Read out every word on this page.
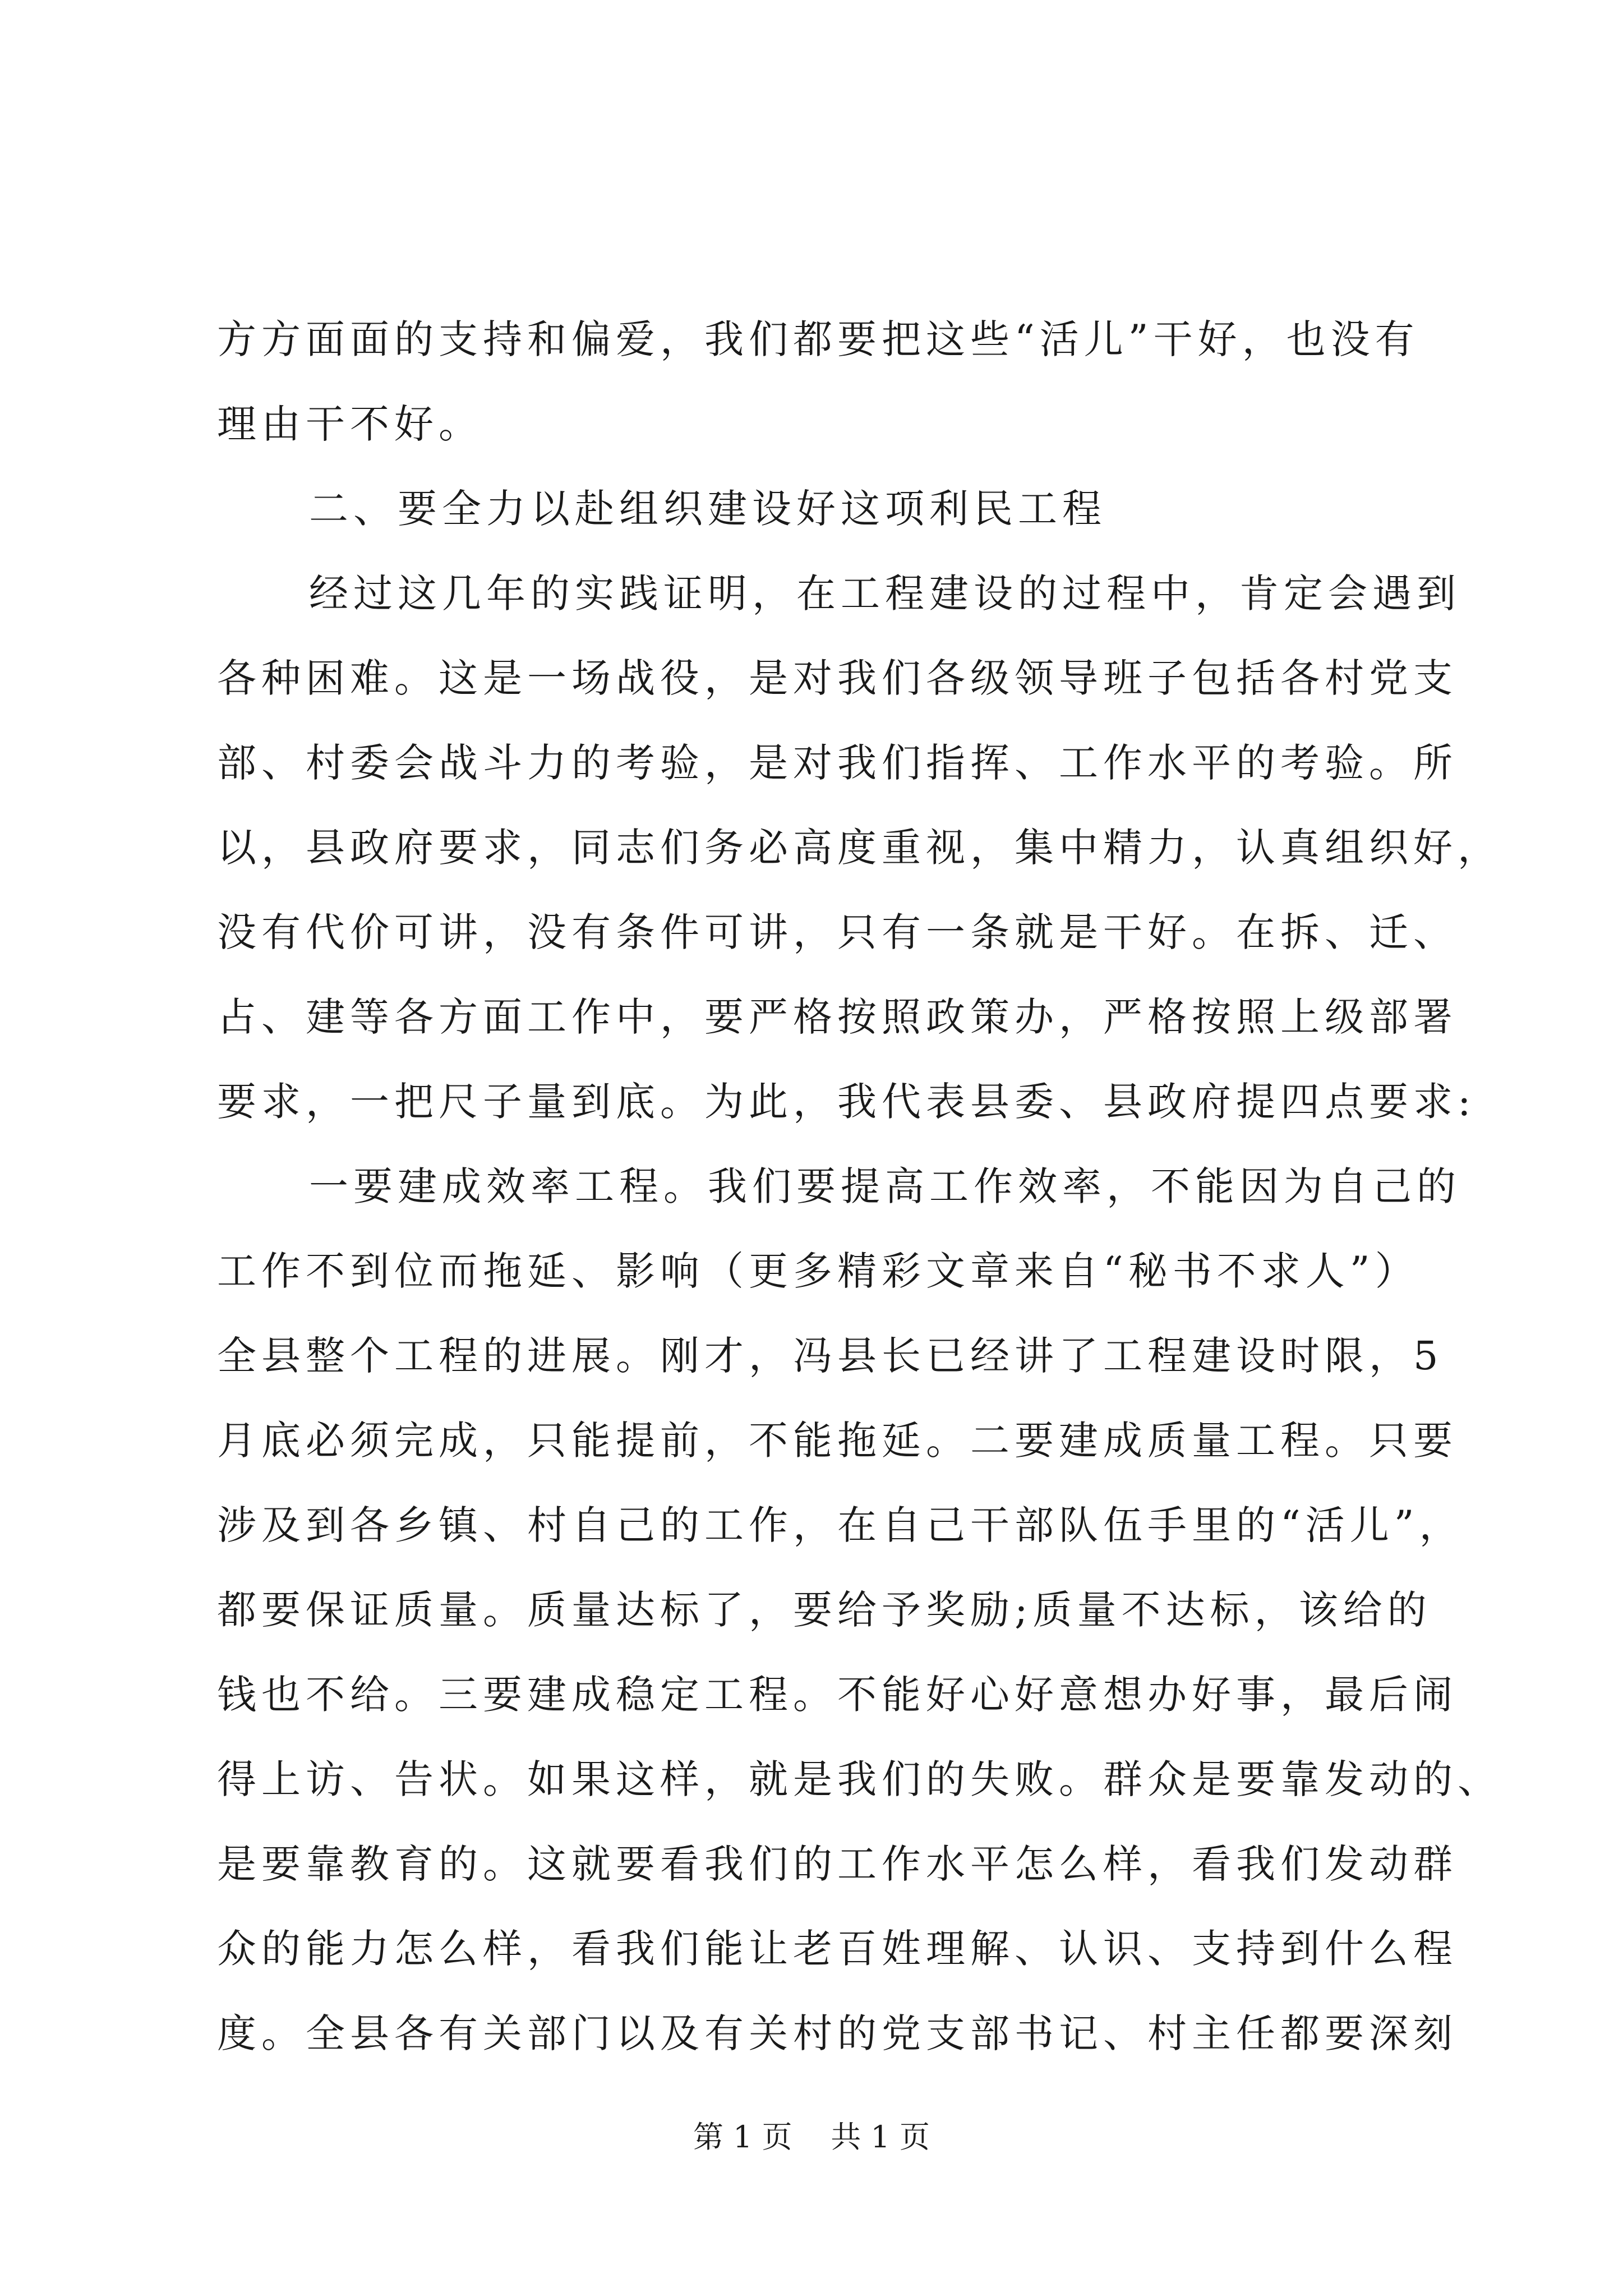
方方面面的支持和偏爱，我们都要把这些“活儿”干好，也没有
理由干不好。
二、要全力以赴组织建设好这项利民工程
经过这几年的实践证明，在工程建设的过程中，肯定会遇到
各种困难。这是一场战役，是对我们各级领导班子包括各村党支
部、村委会战斗力的考验，是对我们指挥、工作水平的考验。所
以，县政府要求，同志们务必高度重视，集中精力，认真组织好，
没有代价可讲，没有条件可讲，只有一条就是干好。在拆、迁、
占、建等各方面工作中，要严格按照政策办，严格按照上级部署
要求，一把尺子量到底。为此，我代表县委、县政府提四点要求:
一要建成效率工程。我们要提高工作效率，不能因为自己的
工作不到位而拖延、影响（更多精彩文章来自“秘书不求人”）
全县整个工程的进展。刚才，冯县长已经讲了工程建设时限，5
月底必须完成，只能提前，不能拖延。二要建成质量工程。只要
涉及到各乡镇、村自己的工作，在自己干部队伍手里的“活儿”，
都要保证质量。质量达标了，要给予奖励;质量不达标，该给的
钱也不给。三要建成稳定工程。不能好心好意想办好事，最后闹
得上访、告状。如果这样，就是我们的失败。群众是要靠发动的、
是要靠教育的。这就要看我们的工作水平怎么样，看我们发动群
众的能力怎么样，看我们能让老百姓理解、认识、支持到什么程
度。全县各有关部门以及有关村的党支部书记、村主任都要深刻
第 1 页 共 1 页
